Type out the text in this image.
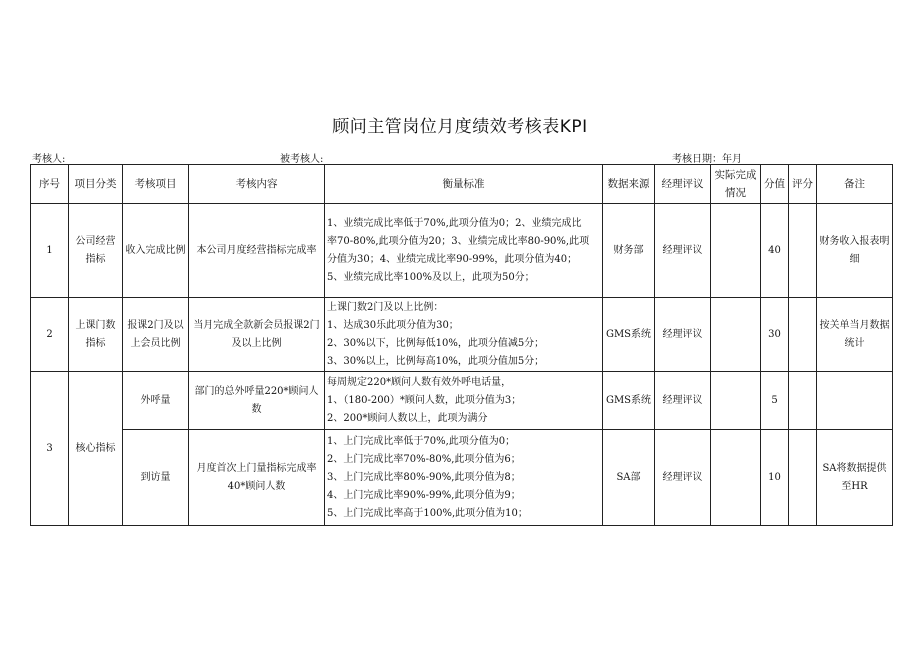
顾问主管岗位月度绩效考核表KPI
考核人:	被考核人:	考核日期：年月
序号	项目分类	考核项目	考核内容	衡量标准	数据来源	经理评议	实际完成情况	分值	评分	备注
1	公司经营指标	收入完成比例	本公司月度经营指标完成率	1、业绩完成比率低于70%,此项分值为0；2、业绩完成比
率70-80%,此项分值为20；3、业绩完成比率80-90%,此项
分值为30；4、业绩完成比率90-99%，此项分值为40；
5、业绩完成比率100%及以上，此项为50分；	财务部	经理评议		40		财务收入报表明细
2	上课门数指标	报课2门及以上会员比例	当月完成全款新会员报课2门及以上比例	上课门数2门及以上比例：
1、达成30乐此项分值为30；
2、30%以下，比例每低10%，此项分值减5分；
3、30%以上，比例每高10%，此项分值加5分；	GMS系统	经理评议		30		按关单当月数据统计
3	核心指标	外呼量	部门的总外呼量220*顾问人数	每周规定220*顾问人数有效外呼电话量，
1、（180-200）*顾问人数，此项分值为3；
2、200*顾问人数以上，此项为满分	GMS系统	经理评议		5		
		到访量	月度首次上门量指标完成率40*顾问人数	1、上门完成比率低于70%,此项分值为0；
2、上门完成比率70%-80%,此项分值为6；
3、上门完成比率80%-90%,此项分值为8；
4、上门完成比率90%-99%,此项分值为9；
5、上门完成比率高于100%,此项分值为10；	SA部	经理评议		10		SA将数据提供至HR
